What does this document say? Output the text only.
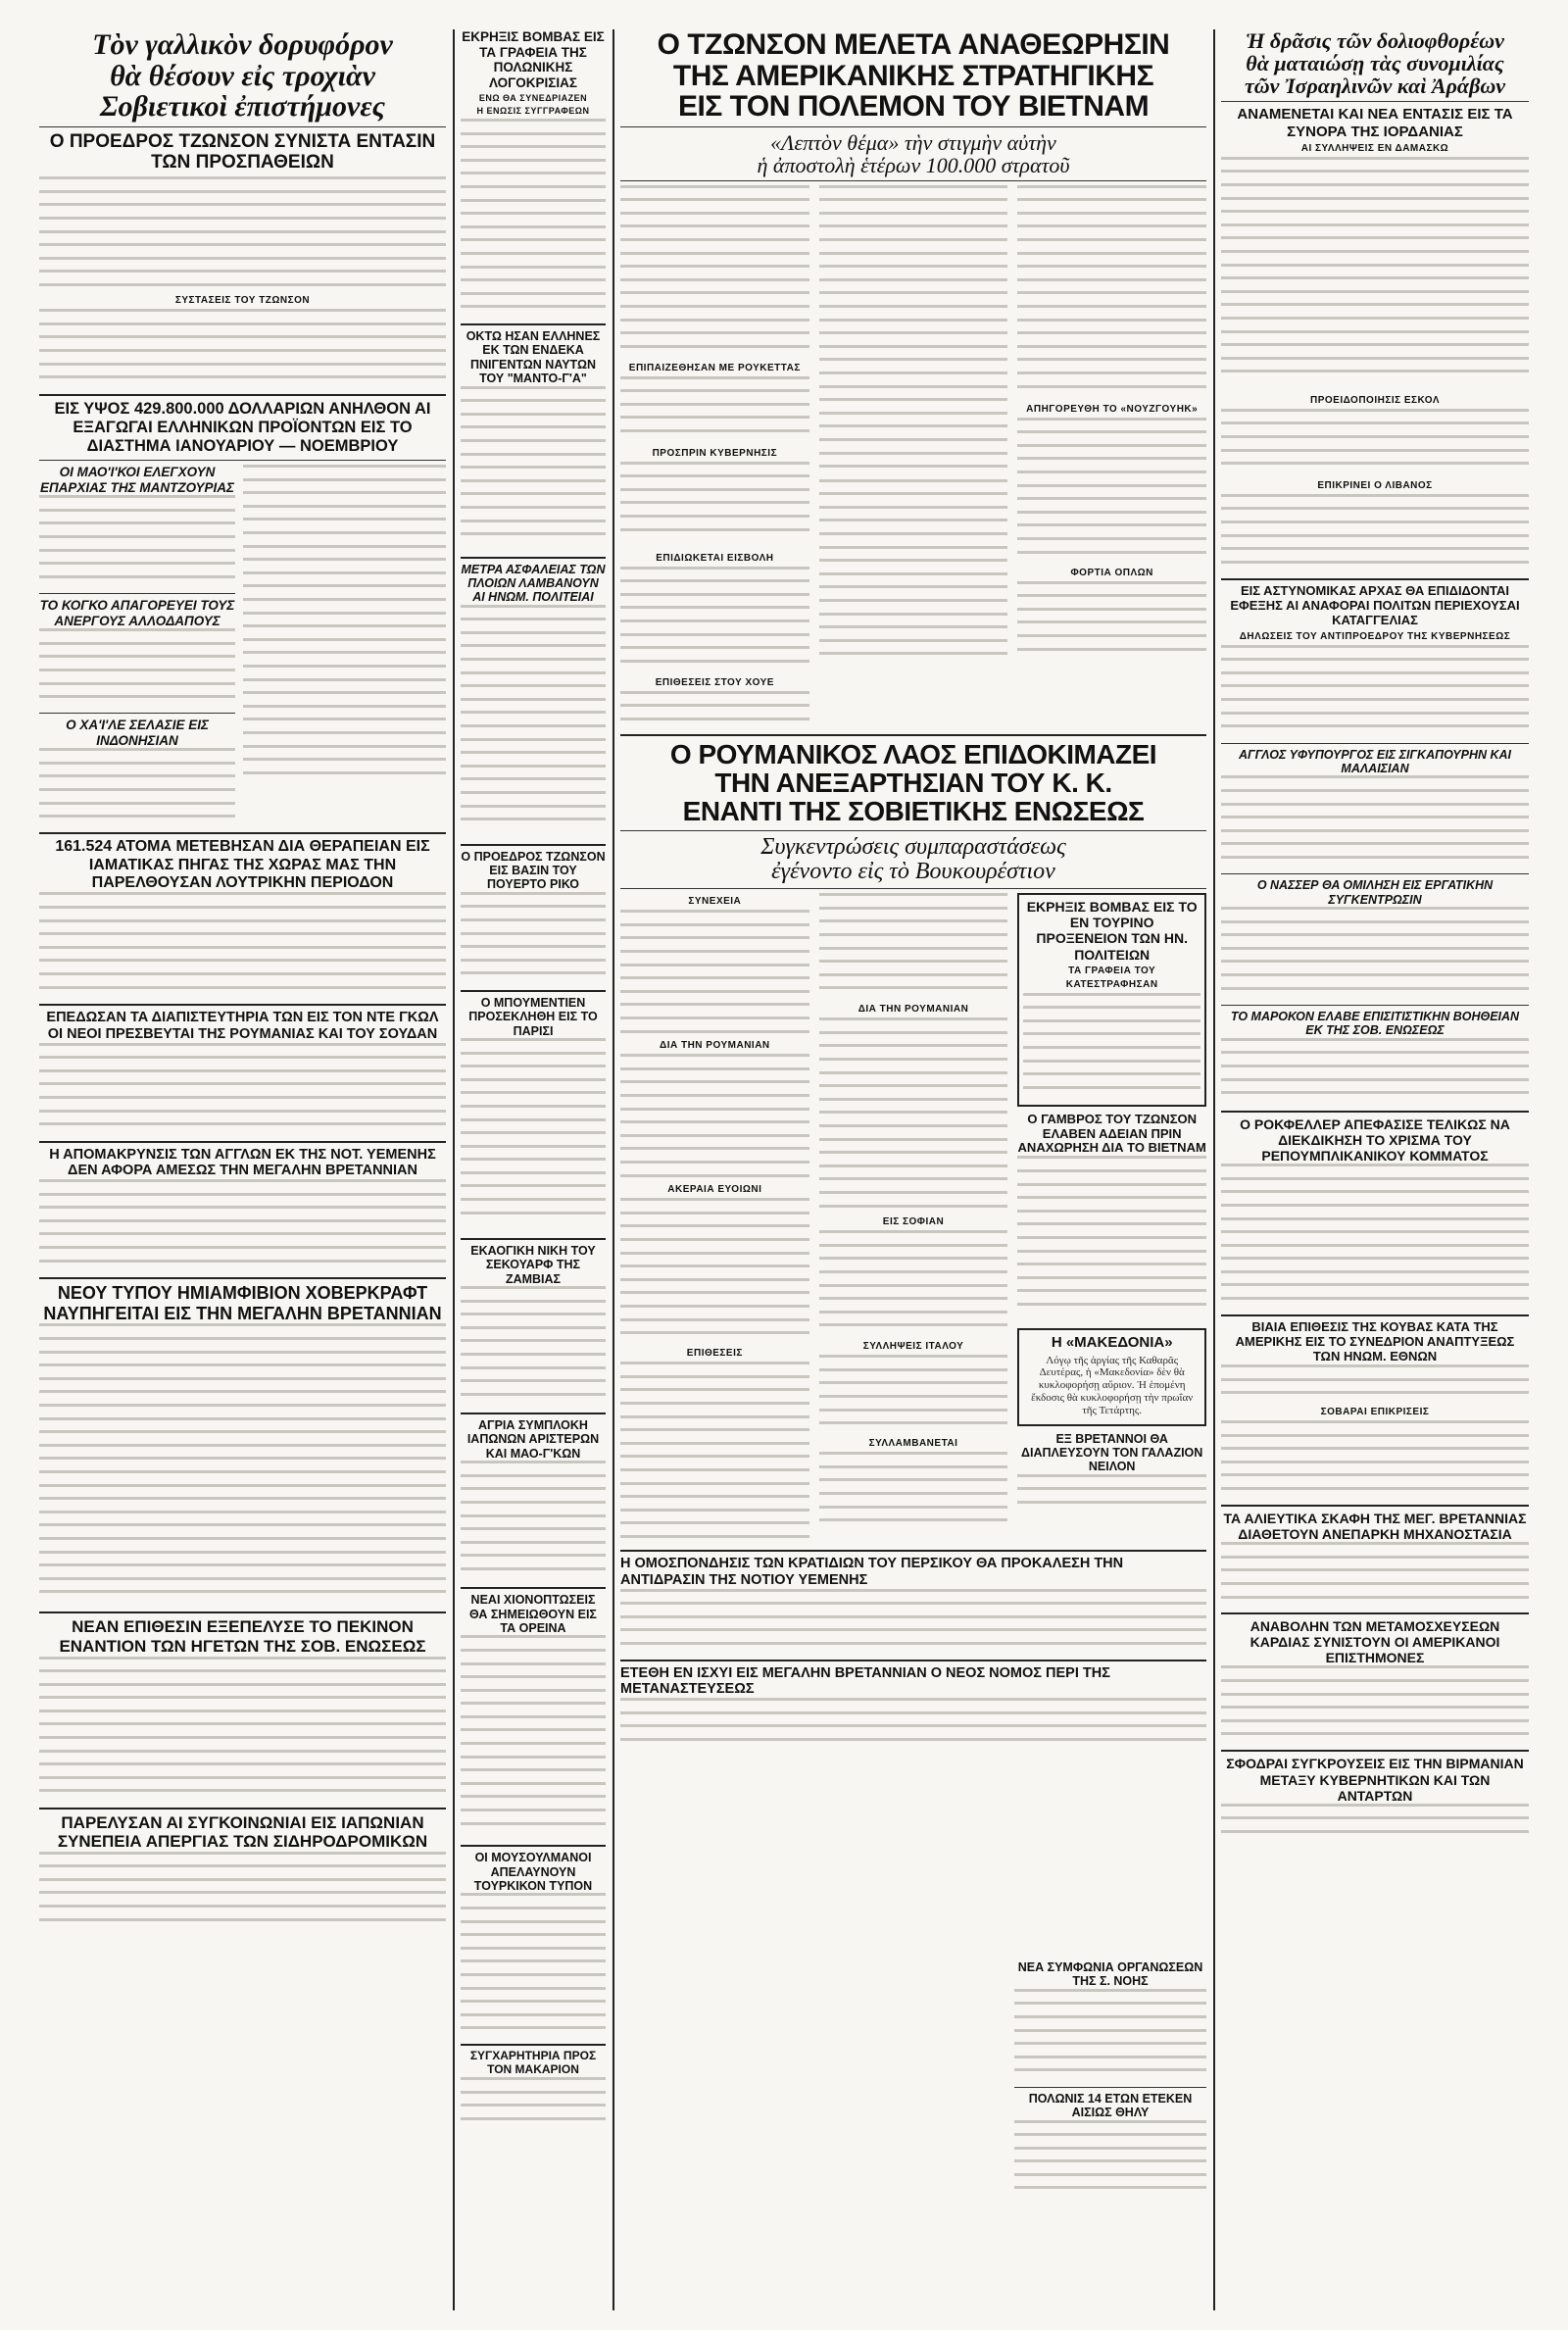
Τὸν γαλλικὸν δορυφόρον
θὰ θέσουν εἰς τροχιὰν
Σοβιετικοὶ ἐπιστήμονες
Ο ΠΡΟΕΔΡΟΣ ΤΖΩΝΣΟΝ ΣΥΝΙΣΤΑ ΕΝΤΑΣΙΝ ΤΩΝ ΠΡΟΣΠΑΘΕΙΩΝ
ΣΥΣΤΑΣΕΙΣ ΤΟΥ ΤΖΩΝΣΟΝ
ΕΙΣ ΥΨΟΣ 429.800.000 ΔΟΛΛΑΡΙΩΝ ΑΝΗΛΘΟΝ ΑΙ ΕΞΑΓΩΓΑΙ ΕΛΛΗΝΙΚΩΝ ΠΡΟΪΟΝΤΩΝ ΕΙΣ ΤΟ ΔΙΑΣΤΗΜΑ ΙΑΝΟΥΑΡΙΟΥ — ΝΟΕΜΒΡΙΟΥ
ΟΙ ΜΑΟ'Ι'ΚΟΙ ΕΛΕΓΧΟΥΝ ΕΠΑΡΧΙΑΣ ΤΗΣ ΜΑΝΤΖΟΥΡΙΑΣ
ΤΟ ΚΟΓΚΟ ΑΠΑΓΟΡΕΥΕΙ ΤΟΥΣ ΑΝΕΡΓΟΥΣ ΑΛΛΟΔΑΠΟΥΣ
Ο ΧΑ'Ι'ΛΕ ΣΕΛΑΣΙΕ ΕΙΣ ΙΝΔΟΝΗΣΙΑΝ
161.524 ΑΤΟΜΑ ΜΕΤΕΒΗΣΑΝ ΔΙΑ ΘΕΡΑΠΕΙΑΝ ΕΙΣ ΙΑΜΑΤΙΚΑΣ ΠΗΓΑΣ ΤΗΣ ΧΩΡΑΣ ΜΑΣ ΤΗΝ ΠΑΡΕΛΘΟΥΣΑΝ ΛΟΥΤΡΙΚΗΝ ΠΕΡΙΟΔΟΝ
ΕΠΕΔΩΣΑΝ ΤΑ ΔΙΑΠΙΣΤΕΥΤΗΡΙΑ ΤΩΝ ΕΙΣ ΤΟΝ ΝΤΕ ΓΚΩΛ ΟΙ ΝΕΟΙ ΠΡΕΣΒΕΥΤΑΙ ΤΗΣ ΡΟΥΜΑΝΙΑΣ ΚΑΙ ΤΟΥ ΣΟΥΔΑΝ
Η ΑΠΟΜΑΚΡΥΝΣΙΣ ΤΩΝ ΑΓΓΛΩΝ ΕΚ ΤΗΣ ΝΟΤ. ΥΕΜΕΝΗΣ ΔΕΝ ΑΦΟΡΑ ΑΜΕΣΩΣ ΤΗΝ ΜΕΓΑΛΗΝ ΒΡΕΤΑΝΝΙΑΝ
ΝΕΟΥ ΤΥΠΟΥ ΗΜΙΑΜΦΙΒΙΟΝ ΧΟΒΕΡΚΡΑΦΤ ΝΑΥΠΗΓΕΙΤΑΙ ΕΙΣ ΤΗΝ ΜΕΓΑΛΗΝ ΒΡΕΤΑΝΝΙΑΝ
ΝΕΑΝ ΕΠΙΘΕΣΙΝ ΕΞΕΠΕΛΥΣΕ ΤΟ ΠΕΚΙΝΟΝ ΕΝΑΝΤΙΟΝ ΤΩΝ ΗΓΕΤΩΝ ΤΗΣ ΣΟΒ. ΕΝΩΣΕΩΣ
ΠΑΡΕΛΥΣΑΝ ΑΙ ΣΥΓΚΟΙΝΩΝΙΑΙ ΕΙΣ ΙΑΠΩΝΙΑΝ ΣΥΝΕΠΕΙΑ ΑΠΕΡΓΙΑΣ ΤΩΝ ΣΙΔΗΡΟΔΡΟΜΙΚΩΝ
ΕΚΡΗΞΙΣ ΒΟΜΒΑΣ ΕΙΣ ΤΑ ΓΡΑΦΕΙΑ ΤΗΣ ΠΟΛΩΝΙΚΗΣ ΛΟΓΟΚΡΙΣΙΑΣ
ΕΝΩ ΘΑ ΣΥΝΕΔΡΙΑΖΕΝ
Η ΕΝΩΣΙΣ ΣΥΓΓΡΑΦΕΩΝ
ΟΚΤΩ ΗΣΑΝ ΕΛΛΗΝΕΣ ΕΚ ΤΩΝ ΕΝΔΕΚΑ ΠΝΙΓΕΝΤΩΝ ΝΑΥΤΩΝ ΤΟΥ "ΜΑΝΤΟ-Γ'Α"
ΜΕΤΡΑ ΑΣΦΑΛΕΙΑΣ ΤΩΝ ΠΛΟΙΩΝ ΛΑΜΒΑΝΟΥΝ ΑΙ ΗΝΩΜ. ΠΟΛΙΤΕΙΑΙ
Ο ΠΡΟΕΔΡΟΣ ΤΖΩΝΣΟΝ ΕΙΣ ΒΑΣΙΝ ΤΟΥ ΠΟΥΕΡΤΟ ΡΙΚΟ
Ο ΜΠΟΥΜΕΝΤΙΕΝ ΠΡΟΣΕΚΛΗΘΗ ΕΙΣ ΤΟ ΠΑΡΙΣΙ
ΕΚΑΟΓΙΚΗ ΝΙΚΗ ΤΟΥ ΣΕΚΟΥΑΡΦ ΤΗΣ ΖΑΜΒΙΑΣ
ΑΓΡΙΑ ΣΥΜΠΛΟΚΗ ΙΑΠΩΝΩΝ ΑΡΙΣΤΕΡΩΝ ΚΑΙ ΜΑΟ-Γ'ΚΩΝ
ΝΕΑΙ ΧΙΟΝΟΠΤΩΣΕΙΣ ΘΑ ΣΗΜΕΙΩΘΟΥΝ ΕΙΣ ΤΑ ΟΡΕΙΝΑ
ΟΙ ΜΟΥΣΟΥΛΜΑΝΟΙ ΑΠΕΛΑΥΝΟΥΝ ΤΟΥΡΚΙΚΟΝ ΤΥΠΟΝ
ΣΥΓΧΑΡΗΤΗΡΙΑ ΠΡΟΣ ΤΟΝ ΜΑΚΑΡΙΟΝ
Ο ΤΖΩΝΣΟΝ ΜΕΛΕΤΑ ΑΝΑΘΕΩΡΗΣΙΝ
ΤΗΣ ΑΜΕΡΙΚΑΝΙΚΗΣ ΣΤΡΑΤΗΓΙΚΗΣ
ΕΙΣ ΤΟΝ ΠΟΛΕΜΟΝ ΤΟΥ ΒΙΕΤΝΑΜ
«Λεπτὸν θέμα» τὴν στιγμὴν αὐτὴν
ἡ ἀποστολὴ ἑτέρων 100.000 στρατοῦ
ΕΠΙΠΑΙΖΕΘΗΣΑΝ ΜΕ ΡΟΥΚΕΤΤΑΣ
ΠΡΟΣΠΡΙΝ ΚΥΒΕΡΝΗΣΙΣ
ΕΠΙΔΙΩΚΕΤΑΙ ΕΙΣΒΟΛΗ
ΕΠΙΘΕΣΕΙΣ ΣΤΟΥ ΧΟΥΕ
ΑΠΗΓΟΡΕΥΘΗ ΤΟ «ΝΟΥΖΓΟΥΗΚ»
ΦΟΡΤΙΑ ΟΠΛΩΝ
Ο ΡΟΥΜΑΝΙΚΟΣ ΛΑΟΣ ΕΠΙΔΟΚΙΜΑΖΕΙ
ΤΗΝ ΑΝΕΞΑΡΤΗΣΙΑΝ ΤΟΥ Κ. Κ.
ΕΝΑΝΤΙ ΤΗΣ ΣΟΒΙΕΤΙΚΗΣ ΕΝΩΣΕΩΣ
Συγκεντρώσεις συμπαραστάσεως
ἐγένοντο εἰς τὸ Βουκουρέστιον
ΣΥΝΕΧΕΙΑ
ΔΙΑ ΤΗΝ ΡΟΥΜΑΝΙΑΝ
ΑΚΕΡΑΙΑ ΕΥΟΙΩΝΙ
ΕΠΙΘΕΣΕΙΣ
ΔΙΑ ΤΗΝ ΡΟΥΜΑΝΙΑΝ
ΕΙΣ ΣΟΦΙΑΝ
ΣΥΛΛΗΨΕΙΣ ΙΤΑΛΟΥ
ΣΥΛΛΑΜΒΑΝΕΤΑΙ
ΕΚΡΗΞΙΣ ΒΟΜΒΑΣ ΕΙΣ ΤΟ ΕΝ ΤΟΥΡΙΝΟ ΠΡΟΞΕΝΕΙΟΝ ΤΩΝ ΗΝ. ΠΟΛΙΤΕΙΩΝ
ΤΑ ΓΡΑΦΕΙΑ ΤΟΥ
ΚΑΤΕΣΤΡΑΦΗΣΑΝ
Ο ΓΑΜΒΡΟΣ ΤΟΥ ΤΖΩΝΣΟΝ ΕΛΑΒΕΝ ΑΔΕΙΑΝ ΠΡΙΝ ΑΝΑΧΩΡΗΣΗ ΔΙΑ ΤΟ ΒΙΕΤΝΑΜ
Η «ΜΑΚΕΔΟΝΙΑ»
Λόγῳ τῆς ἀργίας τῆς Καθαρᾶς Δευτέρας, ἡ «Μακεδονία» δὲν θὰ κυκλοφορήσῃ αὔριον. Ἡ ἑπομένη ἔκδοσις θὰ κυκλοφορήσῃ τὴν πρωΐαν τῆς Τετάρτης.
ΕΞ ΒΡΕΤΑΝΝΟΙ ΘΑ ΔΙΑΠΛΕΥΣΟΥΝ ΤΟΝ ΓΑΛΑΖΙΟΝ ΝΕΙΛΟΝ
Η ΟΜΟΣΠΟΝΔΗΣΙΣ ΤΩΝ ΚΡΑΤΙΔΙΩΝ ΤΟΥ ΠΕΡΣΙΚΟΥ ΘΑ ΠΡΟΚΑΛΕΣΗ ΤΗΝ ΑΝΤΙΔΡΑΣΙΝ ΤΗΣ ΝΟΤΙΟΥ ΥΕΜΕΝΗΣ
ΕΤΕΘΗ ΕΝ ΙΣΧΥΙ ΕΙΣ ΜΕΓΑΛΗΝ ΒΡΕΤΑΝΝΙΑΝ Ο ΝΕΟΣ ΝΟΜΟΣ ΠΕΡΙ ΤΗΣ ΜΕΤΑΝΑΣΤΕΥΣΕΩΣ
Ἡ δρᾶσις τῶν δολιοφθορέων
θὰ ματαιώσῃ τὰς συνομιλίας
τῶν Ἰσραηλινῶν καὶ Ἀράβων
ΑΝΑΜΕΝΕΤΑΙ ΚΑΙ ΝΕΑ ΕΝΤΑΣΙΣ ΕΙΣ ΤΑ ΣΥΝΟΡΑ ΤΗΣ ΙΟΡΔΑΝΙΑΣ
ΑΙ ΣΥΛΛΗΨΕΙΣ ΕΝ ΔΑΜΑΣΚΩ
ΠΡΟΕΙΔΟΠΟΙΗΣΙΣ ΕΣΚΟΛ
ΕΠΙΚΡΙΝΕΙ Ο ΛΙΒΑΝΟΣ
ΕΙΣ ΑΣΤΥΝΟΜΙΚΑΣ ΑΡΧΑΣ ΘΑ ΕΠΙΔΙΔΟΝΤΑΙ ΕΦΕΞΗΣ ΑΙ ΑΝΑΦΟΡΑΙ ΠΟΛΙΤΩΝ ΠΕΡΙΕΧΟΥΣΑΙ ΚΑΤΑΓΓΕΛΙΑΣ
ΔΗΛΩΣΕΙΣ ΤΟΥ ΑΝΤΙΠΡΟΕΔΡΟΥ ΤΗΣ ΚΥΒΕΡΝΗΣΕΩΣ
ΑΓΓΛΟΣ ΥΦΥΠΟΥΡΓΟΣ ΕΙΣ ΣΙΓΚΑΠΟΥΡΗΝ ΚΑΙ ΜΑΛΑΙΣΙΑΝ
Ο ΝΑΣΣΕΡ ΘΑ ΟΜΙΛΗΣΗ ΕΙΣ ΕΡΓΑΤΙΚΗΝ ΣΥΓΚΕΝΤΡΩΣΙΝ
ΤΟ ΜΑΡΟΚΟΝ ΕΛΑΒΕ ΕΠΙΣΙΤΙΣΤΙΚΗΝ ΒΟΗΘΕΙΑΝ ΕΚ ΤΗΣ ΣΟΒ. ΕΝΩΣΕΩΣ
Ο ΡΟΚΦΕΛΛΕΡ ΑΠΕΦΑΣΙΣΕ ΤΕΛΙΚΩΣ ΝΑ ΔΙΕΚΔΙΚΗΣΗ ΤΟ ΧΡΙΣΜΑ ΤΟΥ ΡΕΠΟΥΜΠΛΙΚΑΝΙΚΟΥ ΚΟΜΜΑΤΟΣ
ΒΙΑΙΑ ΕΠΙΘΕΣΙΣ ΤΗΣ ΚΟΥΒΑΣ ΚΑΤΑ ΤΗΣ ΑΜΕΡΙΚΗΣ ΕΙΣ ΤΟ ΣΥΝΕΔΡΙΟΝ ΑΝΑΠΤΥΞΕΩΣ ΤΩΝ ΗΝΩΜ. ΕΘΝΩΝ
ΣΟΒΑΡΑΙ ΕΠΙΚΡΙΣΕΙΣ
ΤΑ ΑΛΙΕΥΤΙΚΑ ΣΚΑΦΗ ΤΗΣ ΜΕΓ. ΒΡΕΤΑΝΝΙΑΣ ΔΙΑΘΕΤΟΥΝ ΑΝΕΠΑΡΚΗ ΜΗΧΑΝΟΣΤΑΣΙΑ
ΑΝΑΒΟΛΗΝ ΤΩΝ ΜΕΤΑΜΟΣΧΕΥΣΕΩΝ ΚΑΡΔΙΑΣ ΣΥΝΙΣΤΟΥΝ ΟΙ ΑΜΕΡΙΚΑΝΟΙ ΕΠΙΣΤΗΜΟΝΕΣ
ΣΦΟΔΡΑΙ ΣΥΓΚΡΟΥΣΕΙΣ ΕΙΣ ΤΗΝ ΒΙΡΜΑΝΙΑΝ ΜΕΤΑΞΥ ΚΥΒΕΡΝΗΤΙΚΩΝ ΚΑΙ ΤΩΝ ΑΝΤΑΡΤΩΝ
ΝΕΑ ΣΥΜΦΩΝΙΑ ΟΡΓΑΝΩΣΕΩΝ ΤΗΣ Σ. ΝΟΗΣ
ΠΟΛΩΝΙΣ 14 ΕΤΩΝ ΕΤΕΚΕΝ ΑΙΣΙΩΣ ΘΗΛΥ
